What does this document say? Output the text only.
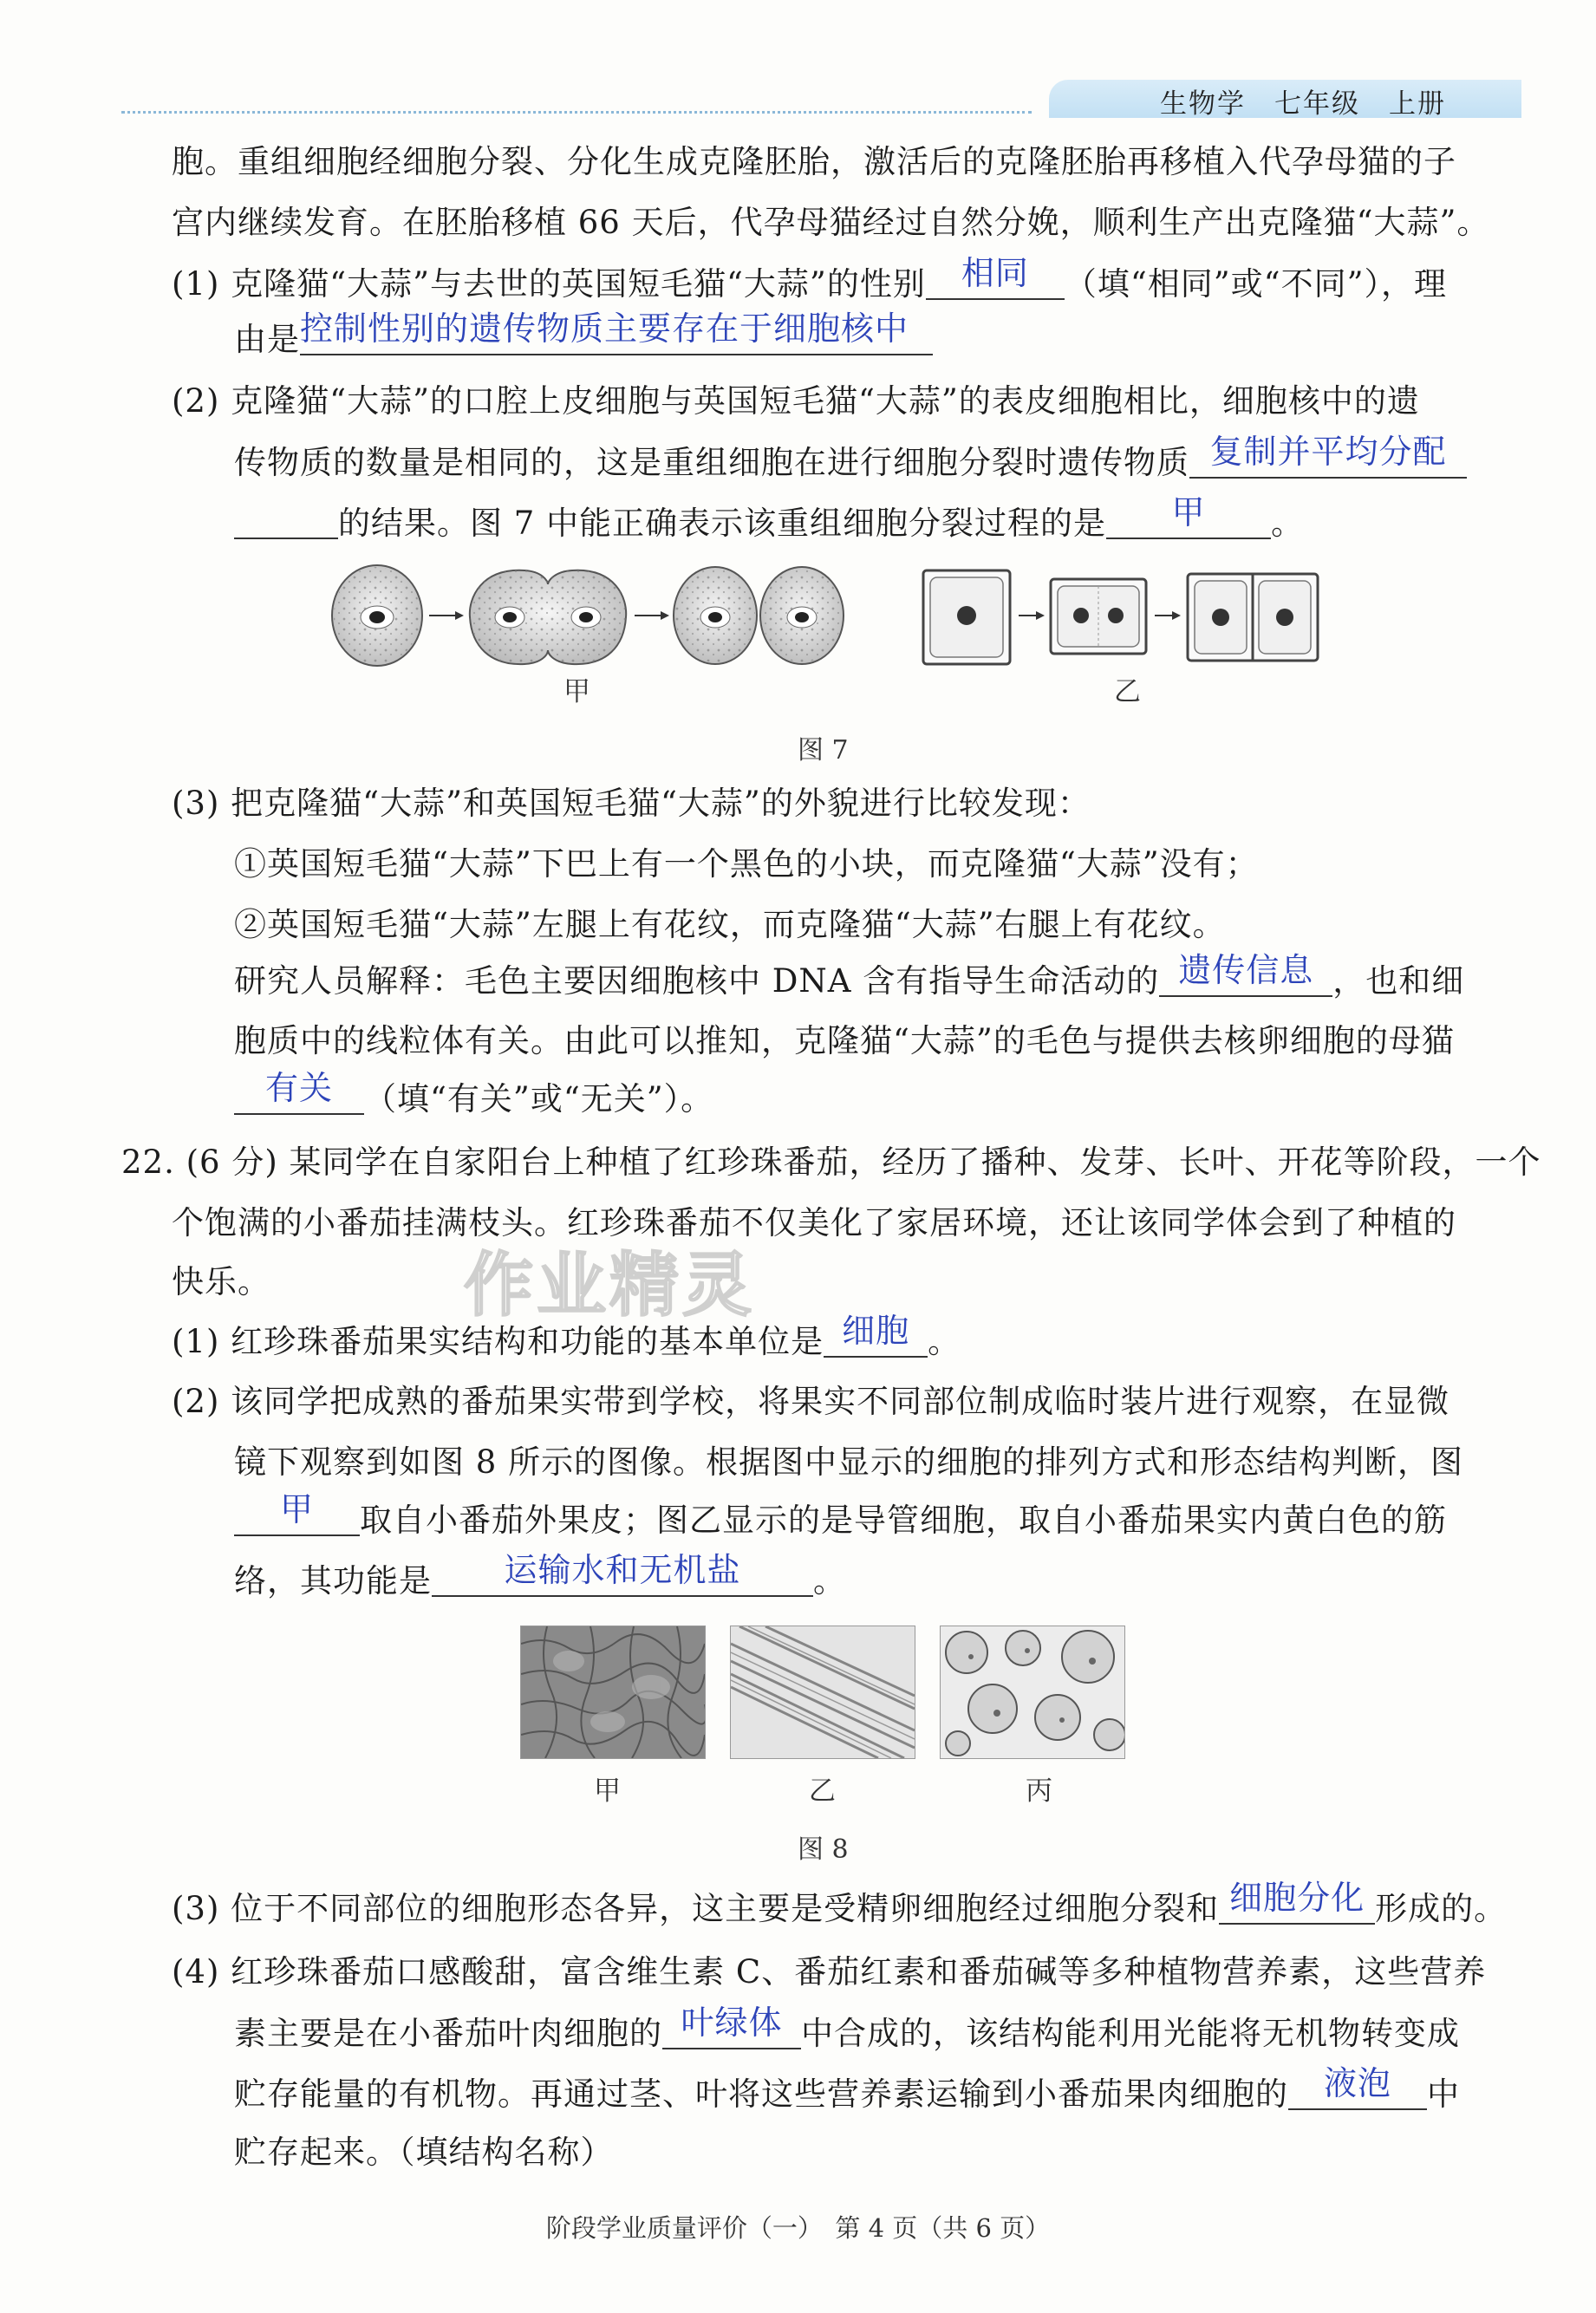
生物学　七年级　上册
胞。重组细胞经细胞分裂、分化生成克隆胚胎，激活后的克隆胚胎再移植入代孕母猫的子
宫内继续发育。在胚胎移植 66 天后，代孕母猫经过自然分娩，顺利生产出克隆猫“大蒜”。
(1) 克隆猫“大蒜”与去世的英国短毛猫“大蒜”的性别	相同	（填“相同”或“不同”），理
由是 控制性别的遗传物质主要存在于细胞核中
(2) 克隆猫“大蒜”的口腔上皮细胞与英国短毛猫“大蒜”的表皮细胞相比，细胞核中的遗
传物质的数量是相同的，这是重组细胞在进行细胞分裂时遗传物质 复制并平均分配
的结果。图 7 中能正确表示该重组细胞分裂过程的是	甲	。
甲	乙
图 7
(3) 把克隆猫“大蒜”和英国短毛猫“大蒜”的外貌进行比较发现：
①英国短毛猫“大蒜”下巴上有一个黑色的小块，而克隆猫“大蒜”没有；
②英国短毛猫“大蒜”左腿上有花纹，而克隆猫“大蒜”右腿上有花纹。
研究人员解释：毛色主要因细胞核中 DNA 含有指导生命活动的 遗传信息 ，也和细
胞质中的线粒体有关。由此可以推知，克隆猫“大蒜”的毛色与提供去核卵细胞的母猫
有关 （填“有关”或“无关”）。
22. (6 分) 某同学在自家阳台上种植了红珍珠番茄，经历了播种、发芽、长叶、开花等阶段，一个
个饱满的小番茄挂满枝头。红珍珠番茄不仅美化了家居环境，还让该同学体会到了种植的
快乐。	作业精灵
(1) 红珍珠番茄果实结构和功能的基本单位是 细胞 。
(2) 该同学把成熟的番茄果实带到学校，将果实不同部位制成临时装片进行观察，在显微
镜下观察到如图 8 所示的图像。根据图中显示的细胞的排列方式和形态结构判断，图
甲	取自小番茄外果皮；图乙显示的是导管细胞，取自小番茄果实内黄白色的筋
络，其功能是	运输水和无机盐	。
甲	乙	丙
图 8
(3) 位于不同部位的细胞形态各异，这主要是受精卵细胞经过细胞分裂和 细胞分化 形成的。
(4) 红珍珠番茄口感酸甜，富含维生素 C、番茄红素和番茄碱等多种植物营养素，这些营养
素主要是在小番茄叶肉细胞的 叶绿体 中合成的，该结构能利用光能将无机物转变成
贮存能量的有机物。再通过茎、叶将这些营养素运输到小番茄果肉细胞的	液泡	中
贮存起来。（填结构名称）
阶段学业质量评价（一）　第 4 页（共 6 页）
